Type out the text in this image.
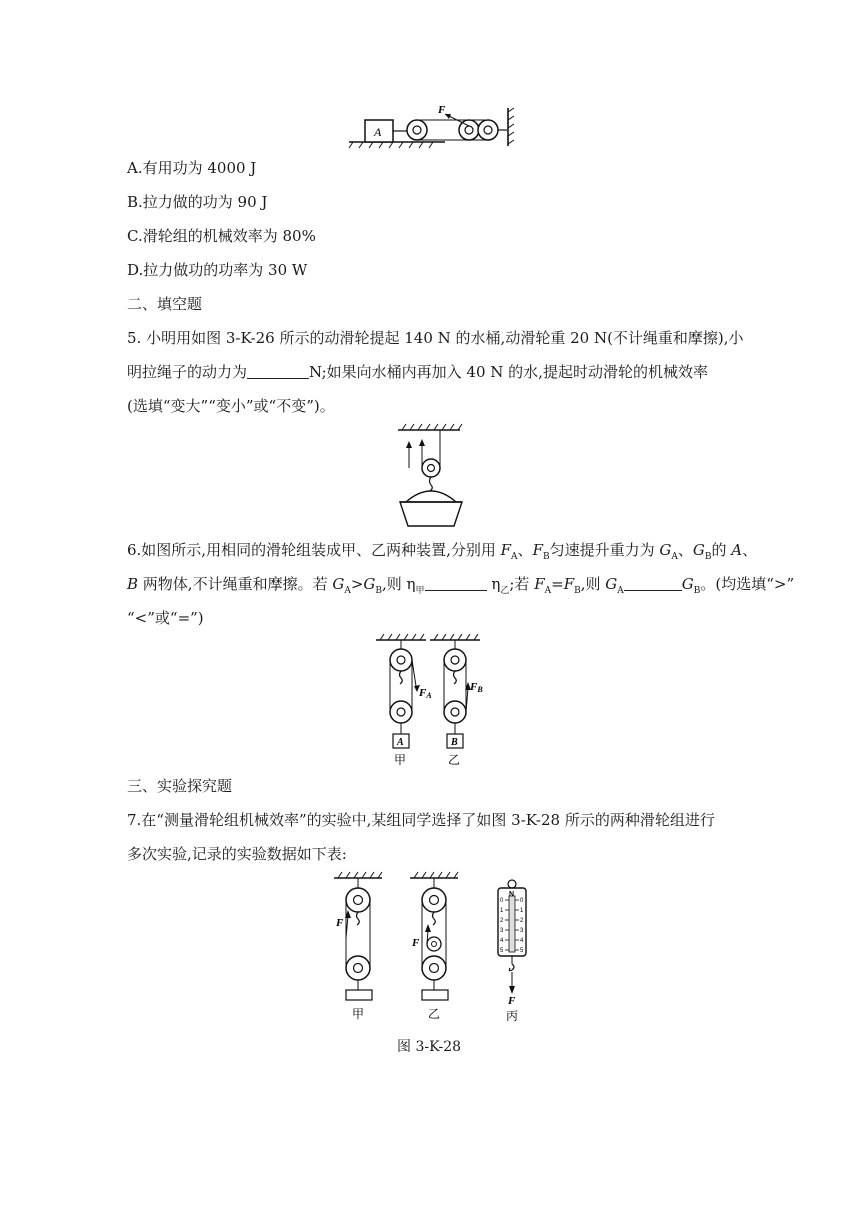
A
F
A.有用功为 4000 J
B.拉力做的功为 90 J
C.滑轮组的机械效率为 80%
D.拉力做功的功率为 30 W
二、填空题
5. 小明用如图 3-K-26 所示的动滑轮提起 140 N 的水桶,动滑轮重 20 N(不计绳重和摩擦),小
明拉绳子的动力为	N;如果向水桶内再加入 40 N 的水,提起时动滑轮的机械效率
(选填“变大”“变小”或“不变”)。
6.如图所示,用相同的滑轮组装成甲、乙两种装置,分别用 $F_A$、$F_B$匀速提升重力为 $G_A$、$G_B$的 A、
B 两物体,不计绳重和摩擦。若 $G_A>G_B$,则 $\eta_甲$	$\eta_乙$;若 $F_A=F_B$,则 $G_A$	$G_B$。(均选填“>”
“<”或“=”)
FA
A
甲
FB
B
乙
三、实验探究题
7.在“测量滑轮组机械效率”的实验中,某组同学选择了如图 3-K-28 所示的两种滑轮组进行
多次实验,记录的实验数据如下表:
F
甲
F
乙
N
0
1
2
3
4
5
0
1
2
3
4
5
F
丙
图 3-K-28
